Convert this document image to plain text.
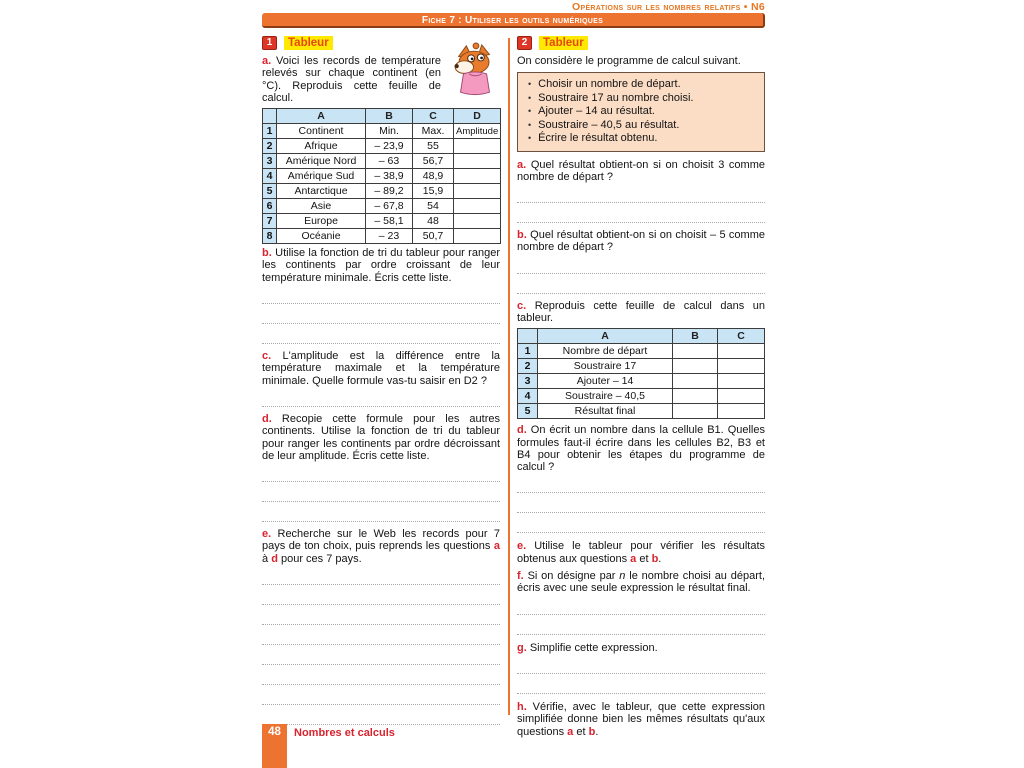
Opérations sur les nombres relatifs • N6
Fiche 7 : Utiliser les outils numériques
1	Tableur

a. Voici les records de température relevés sur chaque continent (en °C). Reproduis cette feuille de calcul.

	A	B	C	D
1	Continent	Min.	Max.	Amplitude
2	Afrique	– 23,9	55	
3	Amérique Nord	– 63	56,7	
4	Amérique Sud	– 38,9	48,9	
5	Antarctique	– 89,2	15,9	
6	Asie	– 67,8	54	
7	Europe	– 58,1	48	
8	Océanie	– 23	50,7	

b. Utilise la fonction de tri du tableur pour ranger les continents par ordre croissant de leur température minimale. Écris cette liste.

c. L'amplitude est la différence entre la température maximale et la température minimale. Quelle formule vas-tu saisir en D2 ?

d. Recopie cette formule pour les autres continents. Utilise la fonction de tri du tableur pour ranger les continents par ordre décroissant de leur amplitude. Écris cette liste.

e. Recherche sur le Web les records pour 7 pays de ton choix, puis reprends les questions a à d pour ces 7 pays.

2	Tableur

On considère le programme de calcul suivant.

• Choisir un nombre de départ.
• Soustraire 17 au nombre choisi.
• Ajouter – 14 au résultat.
• Soustraire – 40,5 au résultat.
• Écrire le résultat obtenu.

a. Quel résultat obtient-on si on choisit 3 comme nombre de départ ?

b. Quel résultat obtient-on si on choisit – 5 comme nombre de départ ?

c. Reproduis cette feuille de calcul dans un tableur.

	A	B	C
1	Nombre de départ		
2	Soustraire 17		
3	Ajouter – 14		
4	Soustraire – 40,5		
5	Résultat final		

d. On écrit un nombre dans la cellule B1. Quelles formules faut-il écrire dans les cellules B2, B3 et B4 pour obtenir les étapes du programme de calcul ?

e. Utilise le tableur pour vérifier les résultats obtenus aux questions a et b.

f. Si on désigne par n le nombre choisi au départ, écris avec une seule expression le résultat final.

g. Simplifie cette expression.

h. Vérifie, avec le tableur, que cette expression simplifiée donne bien les mêmes résultats qu'aux questions a et b.

48	Nombres et calculs
